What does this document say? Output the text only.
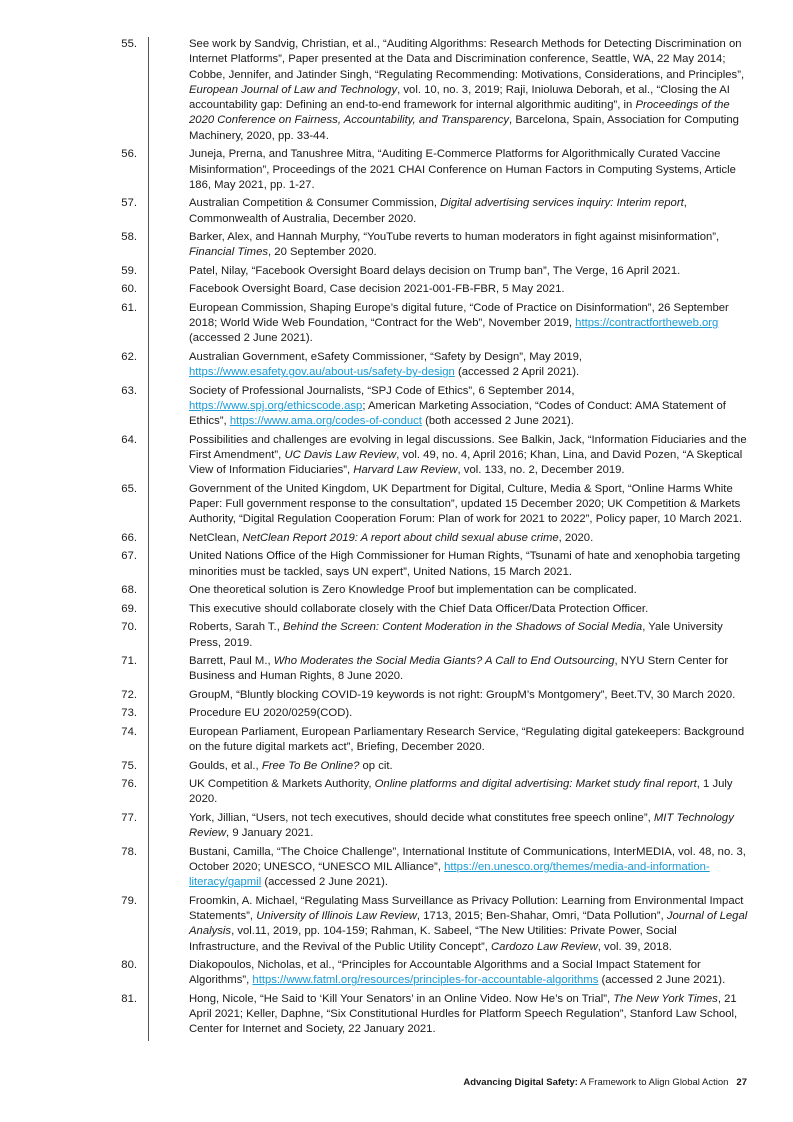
55.	See work by Sandvig, Christian, et al., “Auditing Algorithms: Research Methods for Detecting Discrimination on Internet Platforms”, Paper presented at the Data and Discrimination conference, Seattle, WA, 22 May 2014; Cobbe, Jennifer, and Jatinder Singh, “Regulating Recommending: Motivations, Considerations, and Principles”, European Journal of Law and Technology, vol. 10, no. 3, 2019; Raji, Inioluwa Deborah, et al., “Closing the AI accountability gap: Defining an end-to-end framework for internal algorithmic auditing”, in Proceedings of the 2020 Conference on Fairness, Accountability, and Transparency, Barcelona, Spain, Association for Computing Machinery, 2020, pp. 33-44.
56.	Juneja, Prerna, and Tanushree Mitra, “Auditing E-Commerce Platforms for Algorithmically Curated Vaccine Misinformation”, Proceedings of the 2021 CHAI Conference on Human Factors in Computing Systems, Article 186, May 2021, pp. 1-27.
57.	Australian Competition & Consumer Commission, Digital advertising services inquiry: Interim report, Commonwealth of Australia, December 2020.
58.	Barker, Alex, and Hannah Murphy, “YouTube reverts to human moderators in fight against misinformation”, Financial Times, 20 September 2020.
59.	Patel, Nilay, “Facebook Oversight Board delays decision on Trump ban”, The Verge, 16 April 2021.
60.	Facebook Oversight Board, Case decision 2021-001-FB-FBR, 5 May 2021.
61.	European Commission, Shaping Europe’s digital future, “Code of Practice on Disinformation”, 26 September 2018; World Wide Web Foundation, “Contract for the Web”, November 2019, https://contractfortheweb.org (accessed 2 June 2021).
62.	Australian Government, eSafety Commissioner, “Safety by Design”, May 2019, https://www.esafety.gov.au/about-us/safety-by-design (accessed 2 April 2021).
63.	Society of Professional Journalists, “SPJ Code of Ethics”, 6 September 2014, https://www.spj.org/ethicscode.asp; American Marketing Association, “Codes of Conduct: AMA Statement of Ethics”, https://www.ama.org/codes-of-conduct (both accessed 2 June 2021).
64.	Possibilities and challenges are evolving in legal discussions. See Balkin, Jack, “Information Fiduciaries and the First Amendment”, UC Davis Law Review, vol. 49, no. 4, April 2016; Khan, Lina, and David Pozen, “A Skeptical View of Information Fiduciaries”, Harvard Law Review, vol. 133, no. 2, December 2019.
65.	Government of the United Kingdom, UK Department for Digital, Culture, Media & Sport, “Online Harms White Paper: Full government response to the consultation”, updated 15 December 2020; UK Competition & Markets Authority, “Digital Regulation Cooperation Forum: Plan of work for 2021 to 2022”, Policy paper, 10 March 2021.
66.	NetClean, NetClean Report 2019: A report about child sexual abuse crime, 2020.
67.	United Nations Office of the High Commissioner for Human Rights, “Tsunami of hate and xenophobia targeting minorities must be tackled, says UN expert”, United Nations, 15 March 2021.
68.	One theoretical solution is Zero Knowledge Proof but implementation can be complicated.
69.	This executive should collaborate closely with the Chief Data Officer/Data Protection Officer.
70.	Roberts, Sarah T., Behind the Screen: Content Moderation in the Shadows of Social Media, Yale University Press, 2019.
71.	Barrett, Paul M., Who Moderates the Social Media Giants? A Call to End Outsourcing, NYU Stern Center for Business and Human Rights, 8 June 2020.
72.	GroupM, “Bluntly blocking COVID-19 keywords is not right: GroupM’s Montgomery”, Beet.TV, 30 March 2020.
73.	Procedure EU 2020/0259(COD).
74.	European Parliament, European Parliamentary Research Service, “Regulating digital gatekeepers: Background on the future digital markets act”, Briefing, December 2020.
75.	Goulds, et al., Free To Be Online? op cit.
76.	UK Competition & Markets Authority, Online platforms and digital advertising: Market study final report, 1 July 2020.
77.	York, Jillian, “Users, not tech executives, should decide what constitutes free speech online”, MIT Technology Review, 9 January 2021.
78.	Bustani, Camilla, “The Choice Challenge”, International Institute of Communications, InterMEDIA, vol. 48, no. 3, October 2020; UNESCO, “UNESCO MIL Alliance”, https://en.unesco.org/themes/media-and-information-literacy/gapmil (accessed 2 June 2021).
79.	Froomkin, A. Michael, “Regulating Mass Surveillance as Privacy Pollution: Learning from Environmental Impact Statements”, University of Illinois Law Review, 1713, 2015; Ben-Shahar, Omri, “Data Pollution”, Journal of Legal Analysis, vol.11, 2019, pp. 104-159; Rahman, K. Sabeel, “The New Utilities: Private Power, Social Infrastructure, and the Revival of the Public Utility Concept”, Cardozo Law Review, vol. 39, 2018.
80.	Diakopoulos, Nicholas, et al., “Principles for Accountable Algorithms and a Social Impact Statement for Algorithms”, https://www.fatml.org/resources/principles-for-accountable-algorithms (accessed 2 June 2021).
81.	Hong, Nicole, “He Said to ‘Kill Your Senators’ in an Online Video. Now He’s on Trial”, The New York Times, 21 April 2021; Keller, Daphne, “Six Constitutional Hurdles for Platform Speech Regulation”, Stanford Law School, Center for Internet and Society, 22 January 2021.
Advancing Digital Safety: A Framework to Align Global Action 27
